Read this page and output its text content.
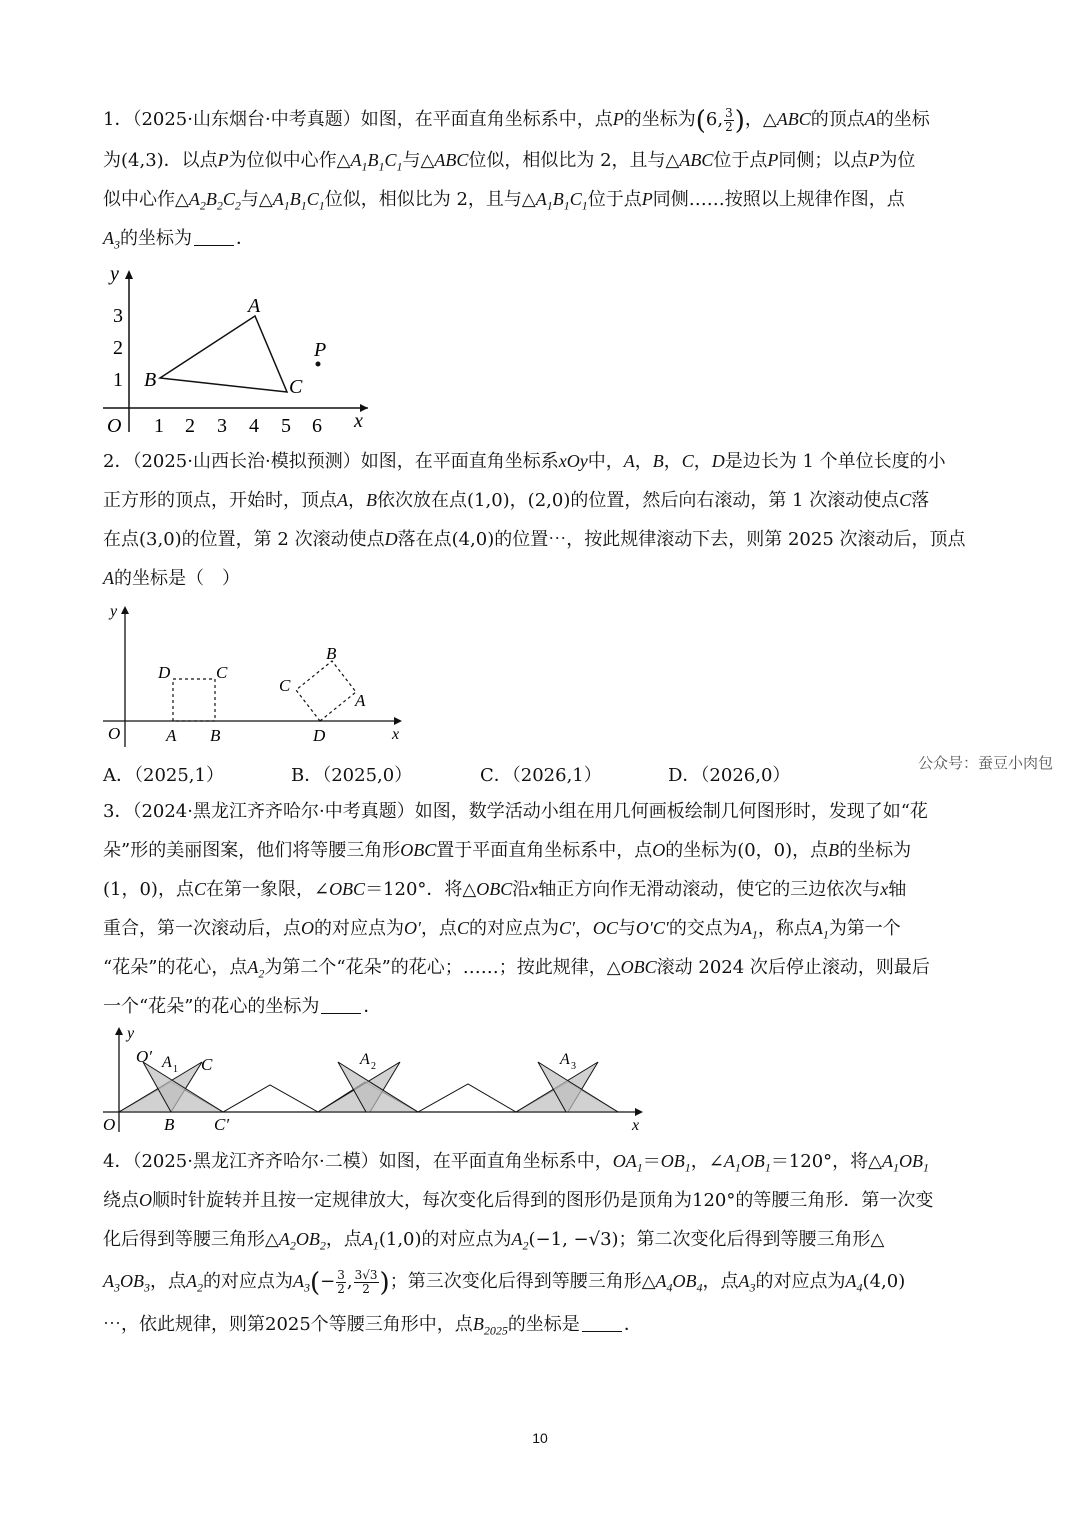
1．（2025·山东烟台·中考真题）如图，在平面直角坐标系中，点P的坐标为(6, $\frac{3}{2}$ )，△ABC的顶点A的坐标

为(4,3)．以点P为位似中心作$\triangle A_1B_1C_1$与△ABC位似，相似比为 2，且与△ABC位于点P同侧；以点P为位

似中心作$\triangle A_2B_2C_2$与$\triangle A_1B_1C_1$位似，相似比为 2，且与$\triangle A_1B_1C_1$位于点P同侧……按照以上规律作图，点

$A_3$的坐标为 ．

y
x
O
A
B	C
P
1 2 3 4 5 6
1
2
3

2．（2025·山西长治·模拟预测）如图，在平面直角坐标系xOy中，A，B，C，D是边长为 1 个单位长度的小

正方形的顶点，开始时，顶点A，B依次放在点(1,0)，(2,0)的位置，然后向右滚动，第 1 次滚动使点C落

在点(3,0)的位置，第 2 次滚动使点D落在点(4,0)的位置⋯，按此规律滚动下去，则第 2025 次滚动后，顶点

A的坐标是（　）

y
x
O	A B
D	C
D
A
B
C
A．（2025,1）	B．（2025,0）	C．（2026,1）	D．（2026,0）
公众号：蚕豆小肉包

3．（2024·黑龙江齐齐哈尔·中考真题）如图，数学活动小组在用几何画板绘制几何图形时，发现了如“花

朵”形的美丽图案，他们将等腰三角形OBC置于平面直角坐标系中，点O的坐标为(0，0)，点B的坐标为

(1，0)，点C在第一象限，∠OBC＝120°．将△OBC沿x轴正方向作无滑动滚动，使它的三边依次与x轴

重合，第一次滚动后，点O的对应点为O′，点C的对应点为C′，OC与O′C′的交点为$A_1$，称点$A_1$为第一个

“花朵”的花心，点$A_2$为第二个“花朵”的花心；……；按此规律，△OBC滚动 2024 次后停止滚动，则最后

一个“花朵”的花心的坐标为 ．

y
x
O
O′ A 1 C
B C′
A 2	A 3

4．（2025·黑龙江齐齐哈尔·二模）如图，在平面直角坐标系中，$OA_1=OB_1$，$\angle A_1OB_1=120^\circ$，将$\triangle A_1OB_1$

绕点O顺时针旋转并且按一定规律放大，每次变化后得到的图形仍是顶角为120°的等腰三角形．第一次变

化后得到等腰三角形$\triangle A_2OB_2$，点$A_1(1,0)$的对应点为$A_2(-1$, −√3)；第二次变化后得到等腰三角形△

$A_3OB_3$，点$A_2$的对应点为$A_3(- \frac{3}{2}$ , $\frac{3√3}{2}$ )；第三次变化后得到等腰三角形$\triangle A_4OB_4$，点$A_3$的对应点为$A_4(4,0)$

⋯，依此规律，则第2025个等腰三角形中，点$B_{2025}$的坐标是 ．

10
